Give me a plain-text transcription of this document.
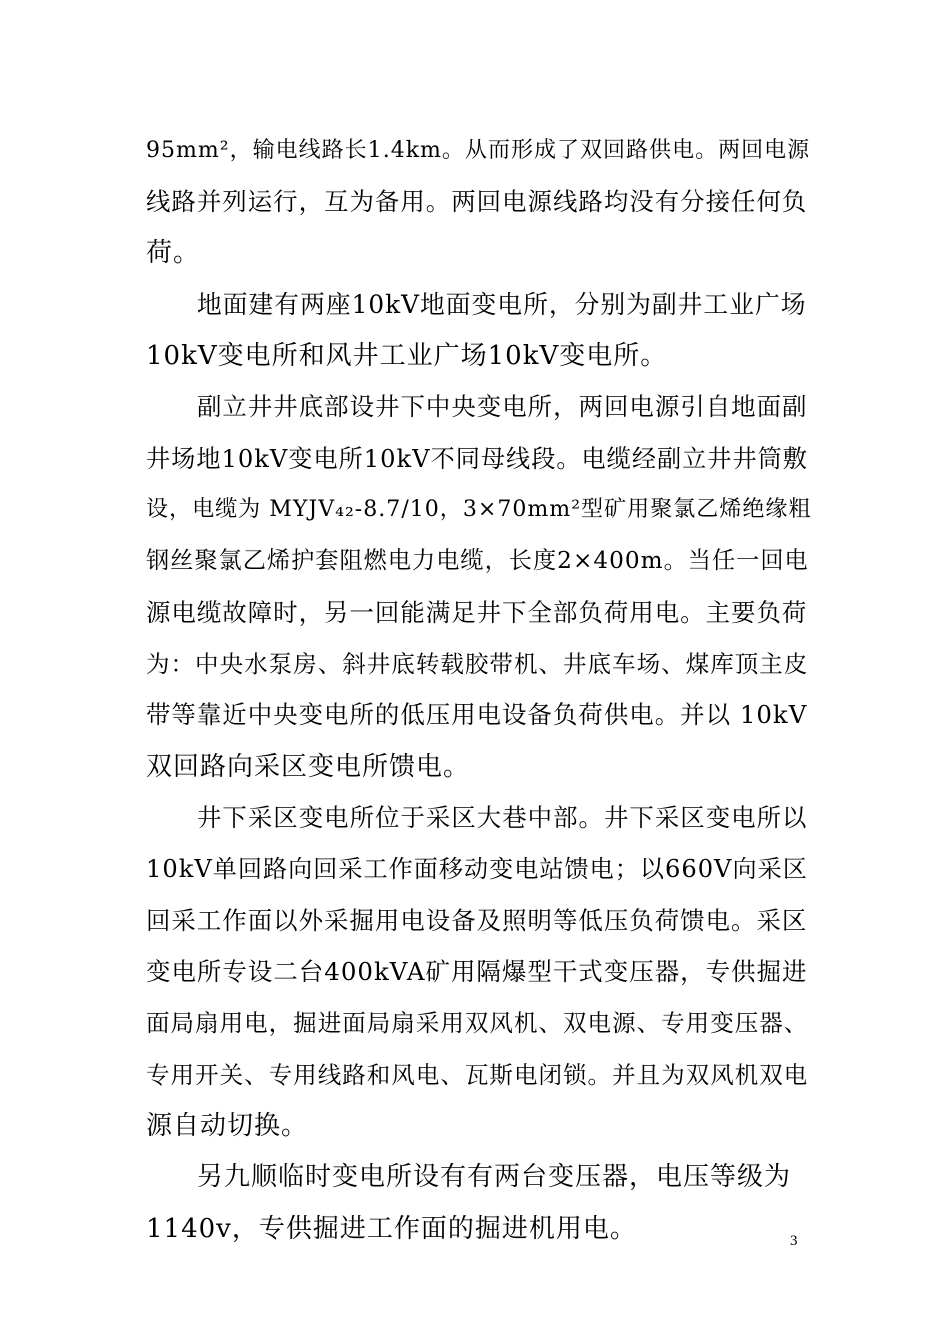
95mm²，输电线路长1.4km。从而形成了双回路供电。两回电源
线路并列运行，互为备用。两回电源线路均没有分接任何负
荷。
地面建有两座10kV地面变电所，分别为副井工业广场
10kV变电所和风井工业广场10kV变电所。
副立井井底部设井下中央变电所，两回电源引自地面副
井场地10kV变电所10kV不同母线段。电缆经副立井井筒敷
设，电缆为 MYJV₄₂-8.7/10，3×70mm²型矿用聚氯乙烯绝缘粗
钢丝聚氯乙烯护套阻燃电力电缆，长度2×400m。当任一回电
源电缆故障时，另一回能满足井下全部负荷用电。主要负荷
为：中央水泵房、斜井底转载胶带机、井底车场、煤库顶主皮
带等靠近中央变电所的低压用电设备负荷供电。并以 10kV
双回路向采区变电所馈电。
井下采区变电所位于采区大巷中部。井下采区变电所以
10kV单回路向回采工作面移动变电站馈电；以660V向采区
回采工作面以外采掘用电设备及照明等低压负荷馈电。采区
变电所专设二台400kVA矿用隔爆型干式变压器，专供掘进
面局扇用电，掘进面局扇采用双风机、双电源、专用变压器、
专用开关、专用线路和风电、瓦斯电闭锁。并且为双风机双电
源自动切换。
另九顺临时变电所设有有两台变压器，电压等级为
1140v，专供掘进工作面的掘进机用电。	3
